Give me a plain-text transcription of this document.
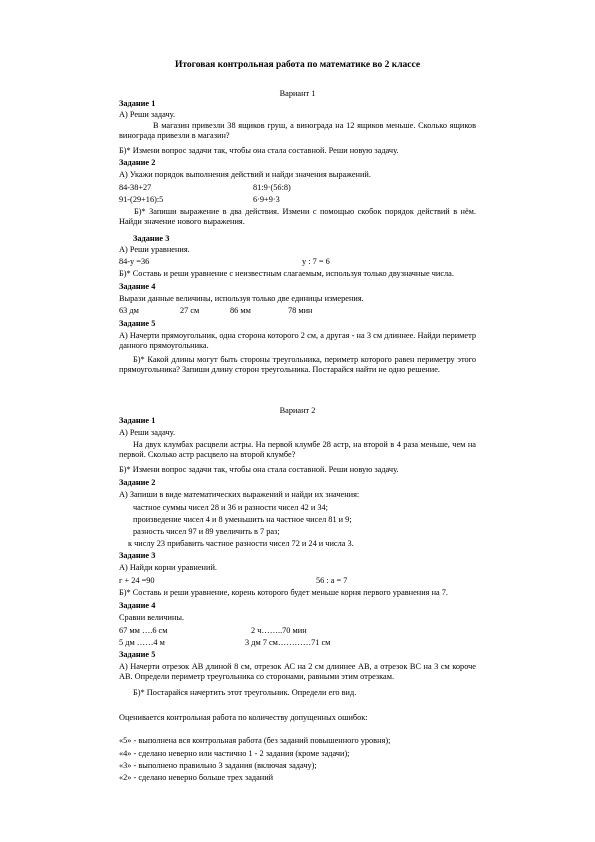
Итоговая контрольная работа по математике во 2 классе
Вариант 1
Задание 1
А) Реши задачу.
В магазин привезли 38 ящиков груш, а винограда на 12 ящиков меньше. Сколько ящиков винограда привезли в магазин?
Б)* Измени вопрос задачи так, чтобы она стала составной. Реши новую задачу.
Задание 2
А) Укажи порядок выполнения действий и найди значения выражений.
84-38+27	81:9·(56:8)
91-(29+16):5	6·9+9·3
Б)* Запиши выражение в два действия. Измени с помощью скобок порядок действий в нём. Найди значение нового выражения.
Задание 3
А) Реши уравнения.
84-у =36	у : 7 = 6
Б)* Составь и реши уравнение с неизвестным слагаемым, используя только двузначные числа.
Задание 4
Вырази данные величины, используя только две единицы измерения.
63 дм	27 см	86 мм	78 мин
Задание 5
А) Начерти прямоугольник, одна сторона которого 2 см, а другая - на 3 см длиннее. Найди периметр данного прямоугольника.
Б)* Какой длины могут быть стороны треугольника, периметр которого равен периметру этого прямоугольника? Запиши длину сторон треугольника. Постарайся найти не одно решение.
Вариант 2
Задание 1
А) Реши задачу.
На двух клумбах расцвели астры. На первой клумбе 28 астр, на второй в 4 раза меньше, чем на первой. Сколько астр расцвело на второй клумбе?
Б)* Измени вопрос задачи так, чтобы она стала составной. Реши новую задачу.
Задание 2
А) Запиши в виде математических выражений и найди их значения:
частное суммы чисел 28 и 36 и разности чисел 42 и 34;
произведение чисел 4 и 8 уменьшить на частное чисел 81 и 9;
разность чисел 97 и 89 увеличить в 7 раз;
к числу 23 прибавить частное разности чисел 72 и 24 и числа 3.
Задание 3
А) Найди корни уравнений.
г + 24 =90	56 : а = 7
Б)* Составь и реши уравнение, корень которого будет меньше корня первого уравнения на 7.
Задание 4
Сравни величины.
67 мм ….6 см	2 ч……..70 мин
5 дм ……4 м	3 дм 7 см…………71 см
Задание 5
А) Начерти отрезок АВ длиной 8 см, отрезок АС на 2 см длиннее АВ, а отрезок ВС на 3 см короче АВ. Определи периметр треугольника со сторонами, равными этим отрезкам.
Б)* Постарайся начертить этот треугольник. Определи его вид.
Оценивается контрольная работа по количеству допущенных ошибок:
«5» - выполнена вся контрольная работа (без заданий повышенного уровня);
«4» - сделано неверно или частично 1 - 2 задания (кроме задачи);
«3» - выполнено правильно 3 задания (включая задачу);
«2» - сделано неверно больше трех заданий
